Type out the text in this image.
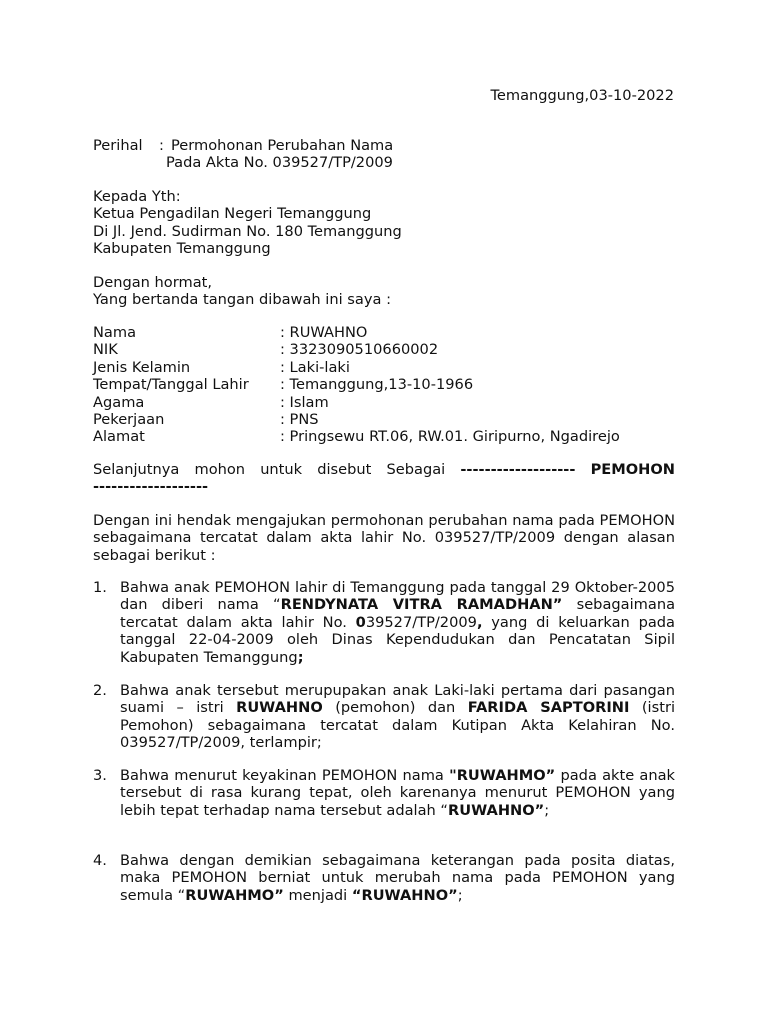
Temanggung,03-10-2022
Perihal	: Permohonan Perubahan Nama
Pada Akta No. 039527/TP/2009

Kepada Yth:

Ketua Pengadilan Negeri Temanggung

Di Jl. Jend. Sudirman No. 180 Temanggung

Kabupaten Temanggung

Dengan hormat,

Yang bertanda tangan dibawah ini saya :

Nama	: RUWAHNO
NIK	: 3323090510660002
Jenis Kelamin	: Laki-laki
Tempat/Tanggal Lahir	: Temanggung,13-10-1966
Agama	: Islam
Pekerjaan	: PNS
Alamat	: Pringsewu RT.06, RW.01. Giripurno, Ngadirejo
Selanjutnya mohon untuk disebut Sebagai ------------------- PEMOHON
-------------------
Dengan ini hendak mengajukan permohonan perubahan nama pada PEMOHON sebagaimana tercatat dalam akta lahir No. 039527/TP/2009 dengan alasan sebagai berikut :
1. Bahwa anak PEMOHON lahir di Temanggung pada tanggal 29 Oktober-2005 dan diberi nama “RENDYNATA VITRA RAMADHAN” sebagaimana tercatat dalam akta lahir No. 039527/TP/2009, yang di keluarkan pada tanggal 22-04-2009 oleh Dinas Kependudukan dan Pencatatan Sipil Kabupaten Temanggung;
2. Bahwa anak tersebut merupupakan anak Laki-laki pertama dari pasangan suami – istri RUWAHNO (pemohon) dan FARIDA SAPTORINI (istri Pemohon) sebagaimana tercatat dalam Kutipan Akta Kelahiran No. 039527/TP/2009, terlampir;
3. Bahwa menurut keyakinan PEMOHON nama "RUWAHMO” pada akte anak tersebut di rasa kurang tepat, oleh karenanya menurut PEMOHON yang lebih tepat terhadap nama tersebut adalah “RUWAHNO”;
4. Bahwa dengan demikian sebagaimana keterangan pada posita diatas, maka PEMOHON berniat untuk merubah nama pada PEMOHON yang semula “RUWAHMO” menjadi “RUWAHNO”;
